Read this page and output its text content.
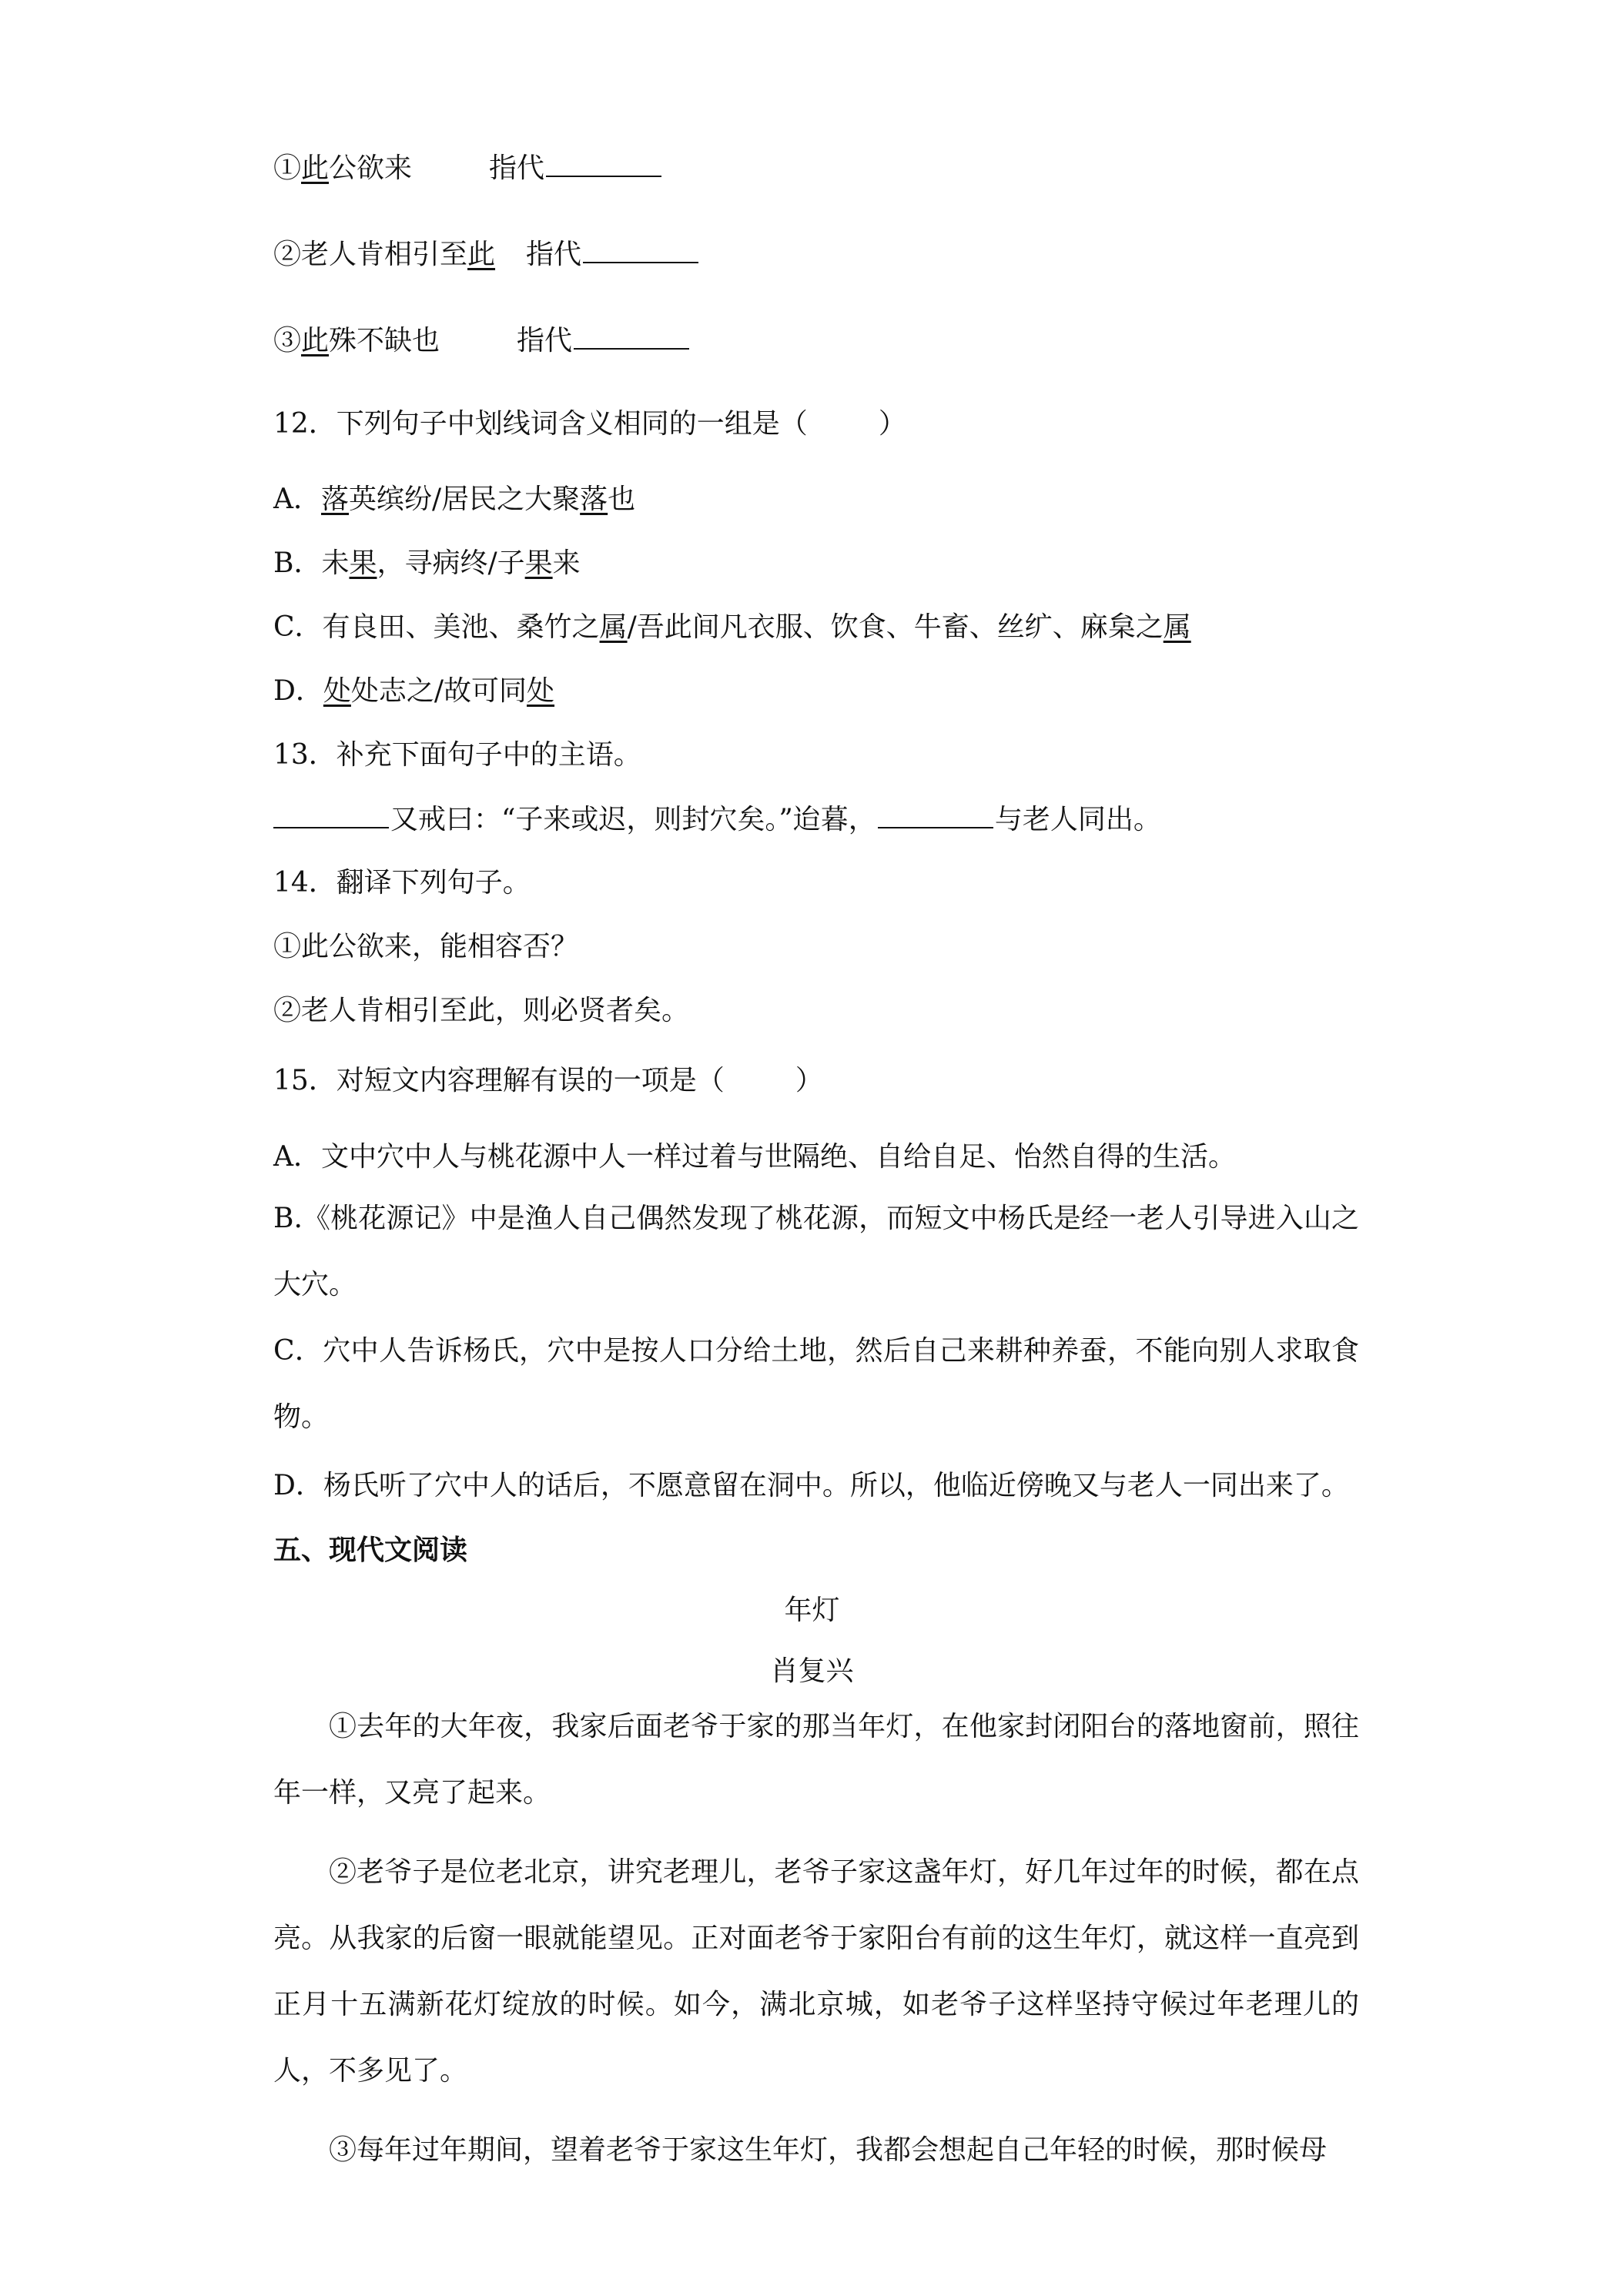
①此公欲来	指代
②老人肯相引至此 指代
③此殊不缺也	指代
12．下列句子中划线词含义相同的一组是（	）
A．落英缤纷/居民之大聚落也
B．未果，寻病终/子果来
C．有良田、美池、桑竹之属/吾此间凡衣服、饮食、牛畜、丝纩、麻枲之属
D．处处志之/故可同处
13．补充下面句子中的主语。
又戒曰：“子来或迟，则封穴矣。”迨暮，	与老人同出。
14．翻译下列句子。
①此公欲来，能相容否？
②老人肯相引至此，则必贤者矣。
15．对短文内容理解有误的一项是（	）
A．文中穴中人与桃花源中人一样过着与世隔绝、自给自足、怡然自得的生活。
B.《桃花源记》中是渔人自己偶然发现了桃花源，而短文中杨氏是经一老人引导进入山之大穴。
C．穴中人告诉杨氏，穴中是按人口分给土地，然后自己来耕种养蚕，不能向别人求取食物。
D．杨氏听了穴中人的话后，不愿意留在洞中。所以，他临近傍晚又与老人一同出来了。
五、现代文阅读
年灯
肖复兴
①去年的大年夜，我家后面老爷于家的那当年灯，在他家封闭阳台的落地窗前，照往年一样，又亮了起来。
②老爷子是位老北京，讲究老理儿，老爷子家这盏年灯，好几年过年的时候，都在点亮。从我家的后窗一眼就能望见。正对面老爷于家阳台有前的这生年灯，就这样一直亮到正月十五满新花灯绽放的时候。如今，满北京城，如老爷子这样坚持守候过年老理儿的人，不多见了。
③每年过年期间，望着老爷于家这生年灯，我都会想起自己年轻的时候，那时候母
